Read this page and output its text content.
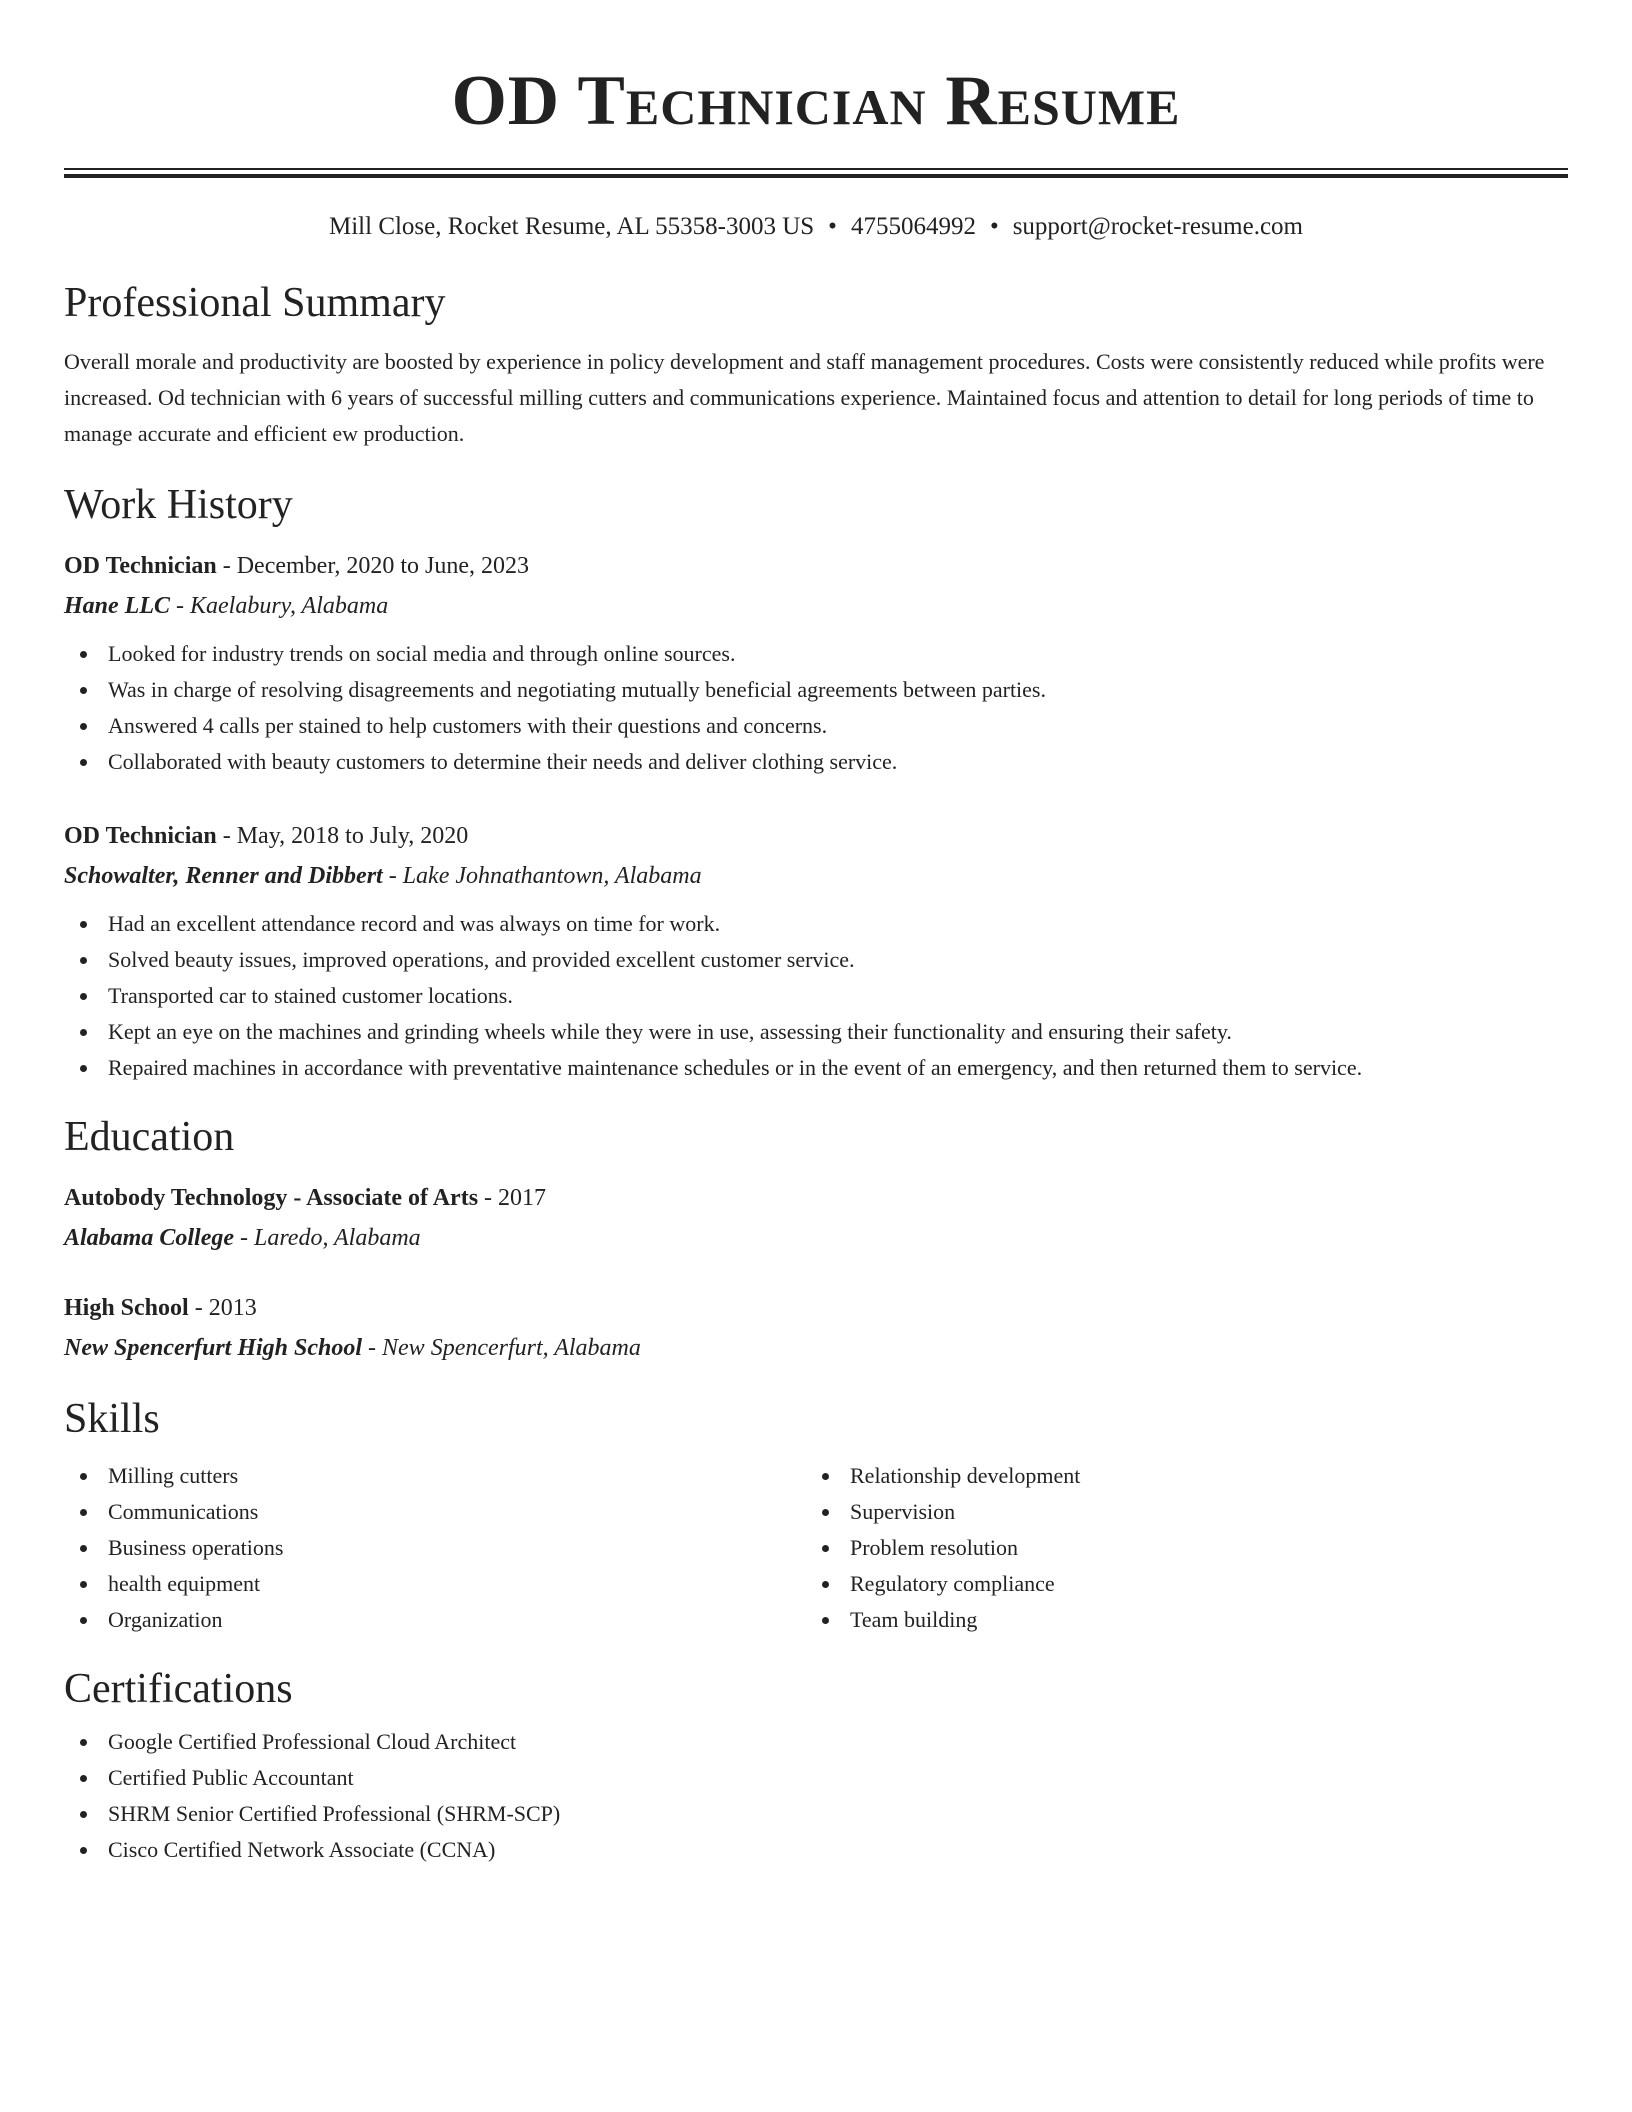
OD Technician Resume
Mill Close, Rocket Resume, AL 55358-3003 US • 4755064992 • support@rocket-resume.com
Professional Summary
Overall morale and productivity are boosted by experience in policy development and staff management procedures. Costs were consistently reduced while profits were increased. Od technician with 6 years of successful milling cutters and communications experience. Maintained focus and attention to detail for long periods of time to manage accurate and efficient ew production.
Work History
OD Technician - December, 2020 to June, 2023
Hane LLC - Kaelabury, Alabama
Looked for industry trends on social media and through online sources.
Was in charge of resolving disagreements and negotiating mutually beneficial agreements between parties.
Answered 4 calls per stained to help customers with their questions and concerns.
Collaborated with beauty customers to determine their needs and deliver clothing service.
OD Technician - May, 2018 to July, 2020
Schowalter, Renner and Dibbert - Lake Johnathantown, Alabama
Had an excellent attendance record and was always on time for work.
Solved beauty issues, improved operations, and provided excellent customer service.
Transported car to stained customer locations.
Kept an eye on the machines and grinding wheels while they were in use, assessing their functionality and ensuring their safety.
Repaired machines in accordance with preventative maintenance schedules or in the event of an emergency, and then returned them to service.
Education
Autobody Technology - Associate of Arts - 2017
Alabama College - Laredo, Alabama
High School - 2013
New Spencerfurt High School - New Spencerfurt, Alabama
Skills
Milling cutters
Communications
Business operations
health equipment
Organization
Relationship development
Supervision
Problem resolution
Regulatory compliance
Team building
Certifications
Google Certified Professional Cloud Architect
Certified Public Accountant
SHRM Senior Certified Professional (SHRM-SCP)
Cisco Certified Network Associate (CCNA)
